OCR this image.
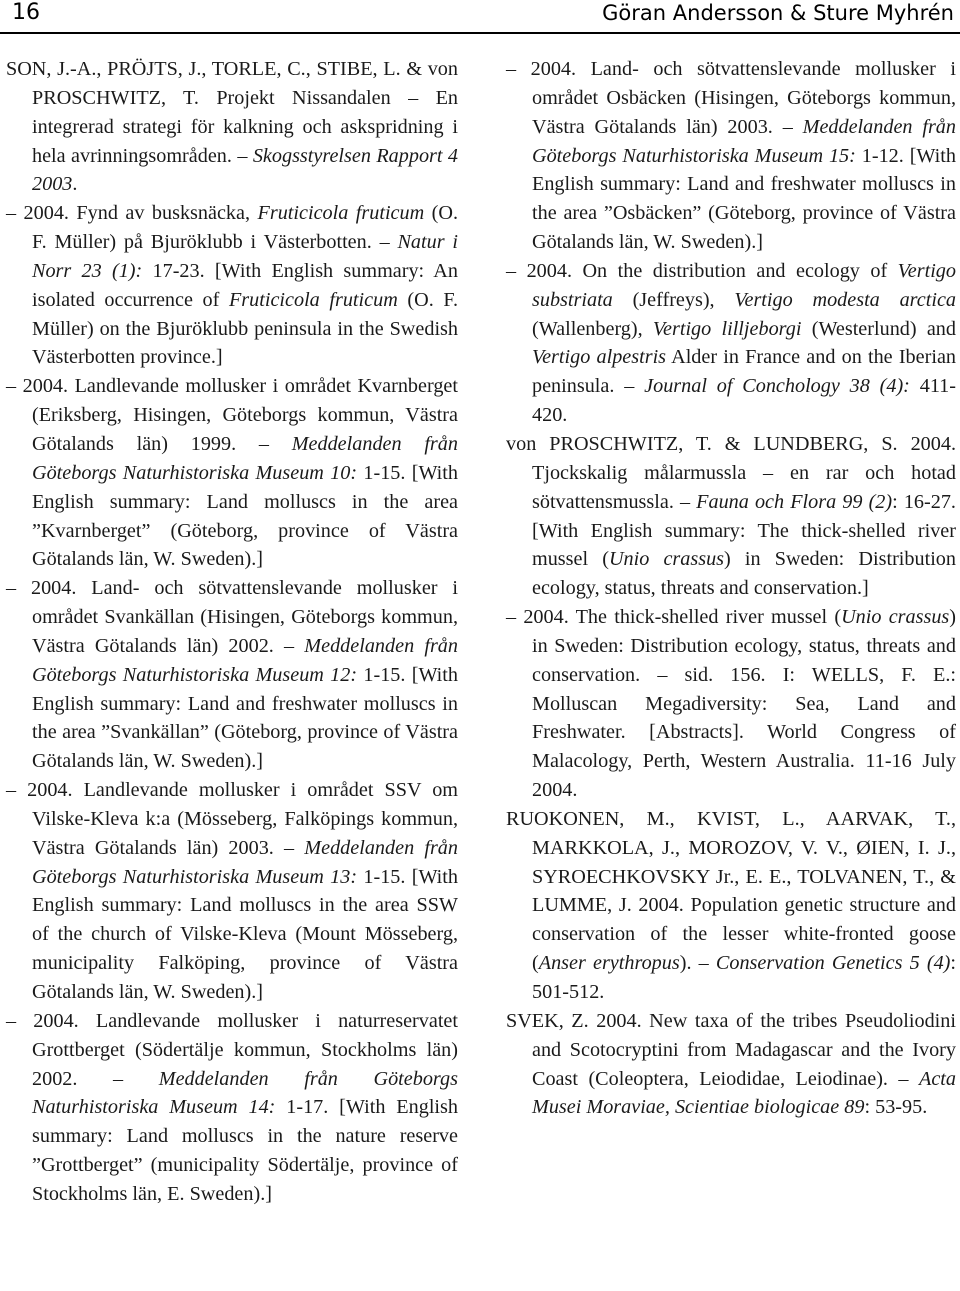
16	Göran Andersson & Sture Myhrén

SON, J.-A., PRÖJTS, J., TORLE, C., STIBE, L. & von PROSCHWITZ, T. Projekt Nissandalen – En integrerad strategi för kalkning och askspridning i hela avrinningsområden. – Skogsstyrelsen Rapport 4 2003.

– 2004. Fynd av busksnäcka, Fruticicola fruticum (O. F. Müller) på Bjuröklubb i Västerbotten. – Natur i Norr 23 (1): 17-23. [With English summary: An isolated occurrence of Fruticicola fruticum (O. F. Müller) on the Bjuröklubb peninsula in the Swedish Västerbotten province.]

– 2004. Landlevande mollusker i området Kvarnberget (Eriksberg, Hisingen, Göteborgs kommun, Västra Götalands län) 1999. – Meddelanden från Göteborgs Naturhistoriska Museum 10: 1-15. [With English summary: Land molluscs in the area ”Kvarnberget” (Göteborg, province of Västra Götalands län, W. Sweden).]

– 2004. Land- och sötvattenslevande mollusker i området Svankällan (Hisingen, Göteborgs kommun, Västra Götalands län) 2002. – Meddelanden från Göteborgs Naturhistoriska Museum 12: 1-15. [With English summary: Land and freshwater molluscs in the area ”Svankällan” (Göteborg, province of Västra Götalands län, W. Sweden).]

– 2004. Landlevande mollusker i området SSV om Vilske-Kleva k:a (Mösseberg, Falköpings kommun, Västra Götalands län) 2003. – Meddelanden från Göteborgs Naturhistoriska Museum 13: 1-15. [With English summary: Land molluscs in the area SSW of the church of Vilske-Kleva (Mount Mösseberg, municipality Falköping, province of Västra Götalands län, W. Sweden).]

– 2004. Landlevande mollusker i naturreservatet Grottberget (Södertälje kommun, Stockholms län) 2002. – Meddelanden från Göteborgs Naturhistoriska Museum 14: 1-17. [With English summary: Land molluscs in the nature reserve ”Grottberget” (municipality Södertälje, province of Stockholms län, E. Sweden).]

– 2004. Land- och sötvattenslevande mollusker i området Osbäcken (Hisingen, Göteborgs kommun, Västra Götalands län) 2003. – Meddelanden från Göteborgs Naturhistoriska Museum 15: 1-12. [With English summary: Land and freshwater molluscs in the area ”Osbäcken” (Göteborg, province of Västra Götalands län, W. Sweden).]

– 2004. On the distribution and ecology of Vertigo substriata (Jeffreys), Vertigo modesta arctica (Wallenberg), Vertigo lilljeborgi (Westerlund) and Vertigo alpestris Alder in France and on the Iberian peninsula. – Journal of Conchology 38 (4): 411-420.

von PROSCHWITZ, T. & LUNDBERG, S. 2004. Tjockskalig målarmussla – en rar och hotad sötvattensmussla. – Fauna och Flora 99 (2): 16-27. [With English summary: The thick-shelled river mussel (Unio crassus) in Sweden: Distribution ecology, status, threats and conservation.]

– 2004. The thick-shelled river mussel (Unio crassus) in Sweden: Distribution ecology, status, threats and conservation. – sid. 156. I: WELLS, F. E.: Molluscan Megadiversity: Sea, Land and Freshwater. [Abstracts]. World Congress of Malacology, Perth, Western Australia. 11-16 July 2004.

RUOKONEN, M., KVIST, L., AARVAK, T., MARKKOLA, J., MOROZOV, V. V., ØIEN, I. J., SYROECHKOVSKY Jr., E. E., TOLVANEN, T., & LUMME, J. 2004. Population genetic structure and conservation of the lesser white-fronted goose (Anser erythropus). – Conservation Genetics 5 (4): 501-512.

SVEK, Z. 2004. New taxa of the tribes Pseudoliodini and Scotocryptini from Madagascar and the Ivory Coast (Coleoptera, Leiodidae, Leiodinae). – Acta Musei Moraviae, Scientiae biologicae 89: 53-95.
